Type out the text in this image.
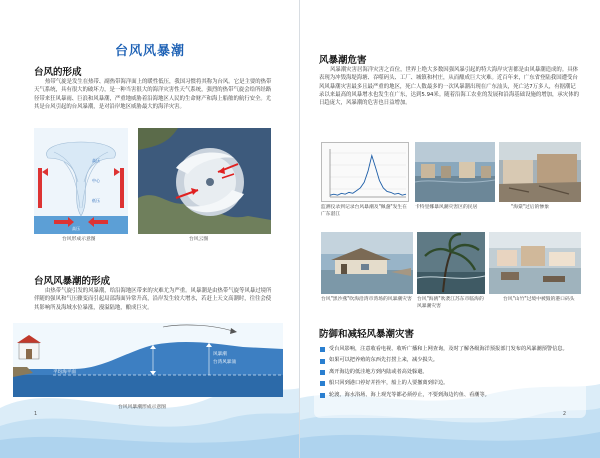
台风风暴潮
台风的形成
热带气旋是发生在热带、副热带海洋面上的暖性低压，我国习惯将其称为台风。它是主要的热带天气系统，具有很大的破坏力，是一种当害很大的海洋灾害性天气系统，强烈的热带气旋会给所经路径带来狂风暴雨、巨浪和风暴潮，严重地威胁着沿海地区人民的生命财产和海上船舶的航行安全。尤其是台风引起的台风暴潮，是对沿岸地区威胁最大的海洋灾害。
高压
中心
低压
高压
台风形成示意图	台风云图
台风风暴潮的形成
由热带气旋引发的风暴潮，给沿海地区带来的灾难尤为严重。风暴潮是由热带气旋等风暴过境所伴随的强风和气压骤变而引起局部海面异常升高，沿岸发生较大增水，若赶上天文高潮时，往往会使其影响所及海域水位暴涨，漫溢陆地，酿成巨灾。
风暴潮
台湾风暴涌
平均海平面
台风风暴潮形成示意图
1
风暴潮危害
风暴潮灾害居海洋灾害之首位，世界上绝大多数因强风暴引起的特大海岸灾害都是由风暴潮造成的。具体表现为冲毁海堤海塘、吞噬码头、工厂、城镇和村庄，从而酿成巨大灾难。近百年来，广东省登陆我国遭受台风风暴潮灾害最多且最严重的地区，死亡人数最多的一次风暴潮出现在广东汕头，死亡达7万多人，有据潮记录以来最高的风暴增水也发生在广东，达到5.94米。随着沿海工农业的发展和沿海基础设施的增加，承灾体的日趋庞大，风暴潮的危害也日益增加。
监测仪录到记录台风暴潮及"佩盏"发生在广东湛江
卡特里娜暴风潮灾害区的民居	"海棠"过后的惨象
台风"黑沙燕"吹海沿湾市湾场的风暴潮灾害 台风"海鸥"吹袭江苏东市临海的风暴潮灾害
台风"山竹"过境中被毁的港口码头
防御和减轻风暴潮灾害
受台风影响，注意收看电视、收听广播和上网查询，及时了解各级海洋预报部门发布的风暴潮预警信息。
如果可以把养殖的东西先打捞上来，减少损失。
离开海边的低洼地方到内陆或者高处躲避。
船只回到港口停好并拴牢，船上的人要撤离到岸边。
轮渡、海水浴场、海上观光等都必须停止，不要到海边钓鱼、看潮等。
2
